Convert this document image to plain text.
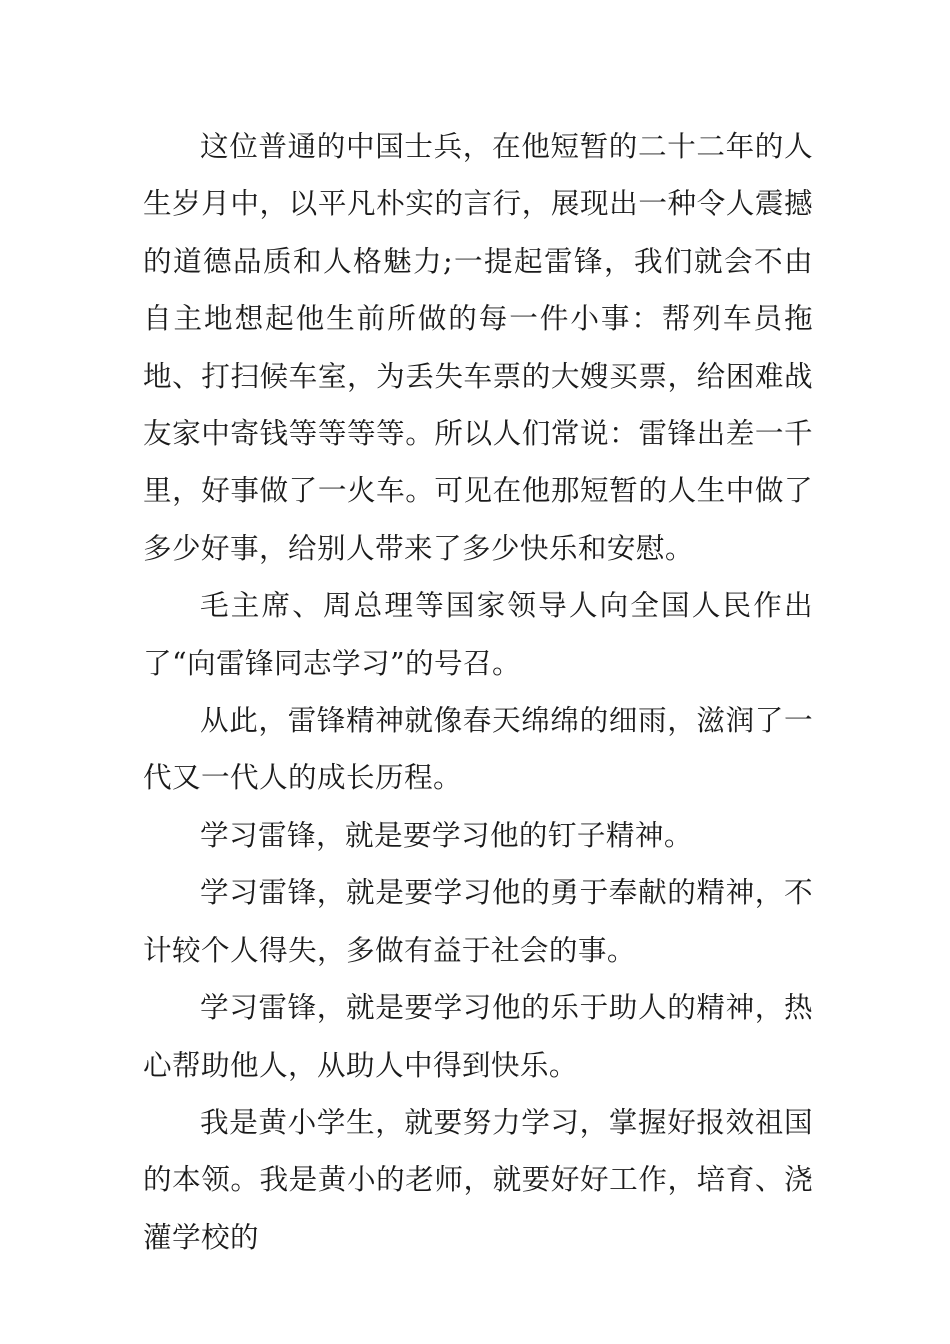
这位普通的中国士兵，在他短暂的二十二年的人生岁月中，以平凡朴实的言行，展现出一种令人震撼的道德品质和人格魅力;一提起雷锋，我们就会不由自主地想起他生前所做的每一件小事：帮列车员拖地、打扫候车室，为丢失车票的大嫂买票，给困难战友家中寄钱等等等等。所以人们常说：雷锋出差一千里，好事做了一火车。可见在他那短暂的人生中做了多少好事，给别人带来了多少快乐和安慰。

毛主席、周总理等国家领导人向全国人民作出了“向雷锋同志学习”的号召。

从此，雷锋精神就像春天绵绵的细雨，滋润了一代又一代人的成长历程。

学习雷锋，就是要学习他的钉子精神。

学习雷锋，就是要学习他的勇于奉献的精神，不计较个人得失，多做有益于社会的事。

学习雷锋，就是要学习他的乐于助人的精神，热心帮助他人，从助人中得到快乐。

我是黄小学生，就要努力学习，掌握好报效祖国的本领。我是黄小的老师，就要好好工作，培育、浇灌学校的
